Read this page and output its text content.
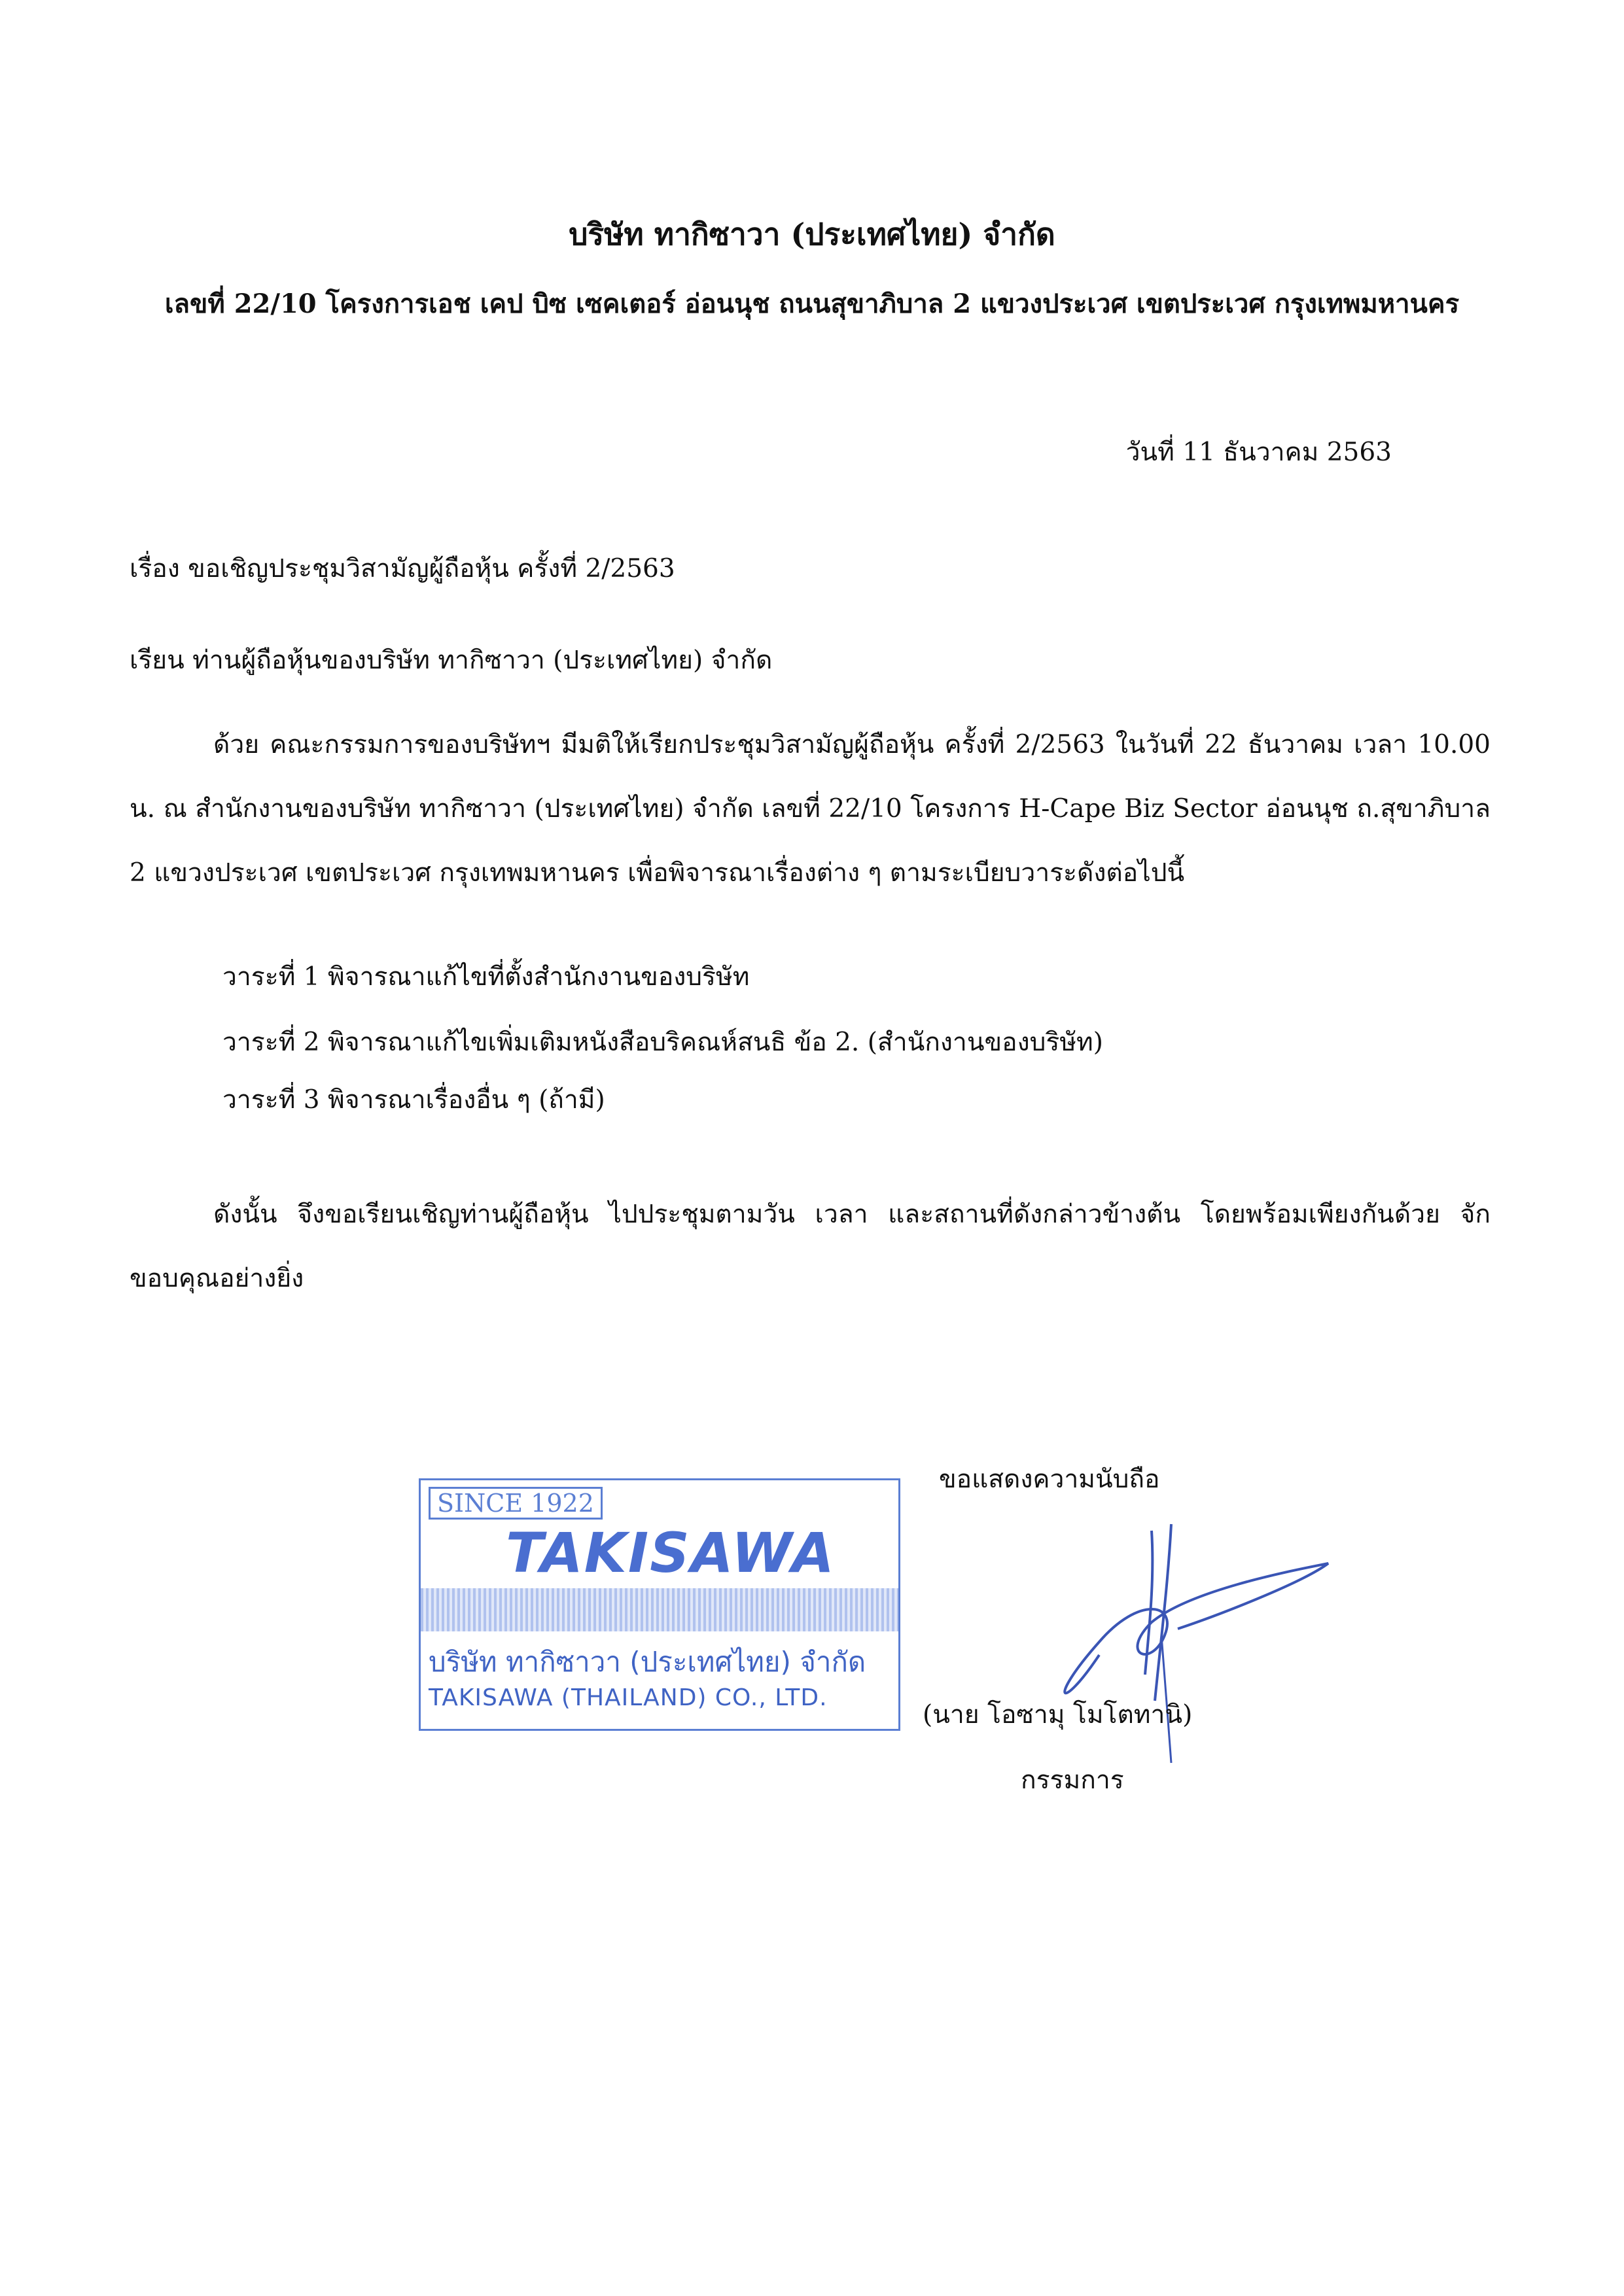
บริษัท ทากิซาวา (ประเทศไทย) จำกัด
เลขที่ 22/10 โครงการเอช เคป บิซ เซคเตอร์ อ่อนนุช ถนนสุขาภิบาล 2 แขวงประเวศ เขตประเวศ กรุงเทพมหานคร
วันที่ 11 ธันวาคม 2563
เรื่อง ขอเชิญประชุมวิสามัญผู้ถือหุ้น ครั้งที่ 2/2563
เรียน ท่านผู้ถือหุ้นของบริษัท ทากิซาวา (ประเทศไทย) จำกัด
ด้วย คณะกรรมการของบริษัทฯ มีมติให้เรียกประชุมวิสามัญผู้ถือหุ้น ครั้งที่ 2/2563 ในวันที่ 22 ธันวาคม เวลา 10.00 น. ณ สำนักงานของบริษัท ทากิซาวา (ประเทศไทย) จำกัด เลขที่ 22/10 โครงการ H-Cape Biz Sector อ่อนนุช ถ.สุขาภิบาล 2 แขวงประเวศ เขตประเวศ กรุงเทพมหานคร เพื่อพิจารณาเรื่องต่าง ๆ ตามระเบียบวาระดังต่อไปนี้
วาระที่ 1 พิจารณาแก้ไขที่ตั้งสำนักงานของบริษัท
วาระที่ 2 พิจารณาแก้ไขเพิ่มเติมหนังสือบริคณห์สนธิ ข้อ 2. (สำนักงานของบริษัท)
วาระที่ 3 พิจารณาเรื่องอื่น ๆ (ถ้ามี)
ดังนั้น จึงขอเรียนเชิญท่านผู้ถือหุ้น ไปประชุมตามวัน เวลา และสถานที่ดังกล่าวข้างต้น โดยพร้อมเพียงกันด้วย จักขอบคุณอย่างยิ่ง
ขอแสดงความนับถือ
SINCE 1922
TAKISAWA
บริษัท ทากิซาวา (ประเทศไทย) จำกัด
TAKISAWA (THAILAND) CO., LTD.
(นาย โอซามุ โมโตทานิ)
กรรมการ
